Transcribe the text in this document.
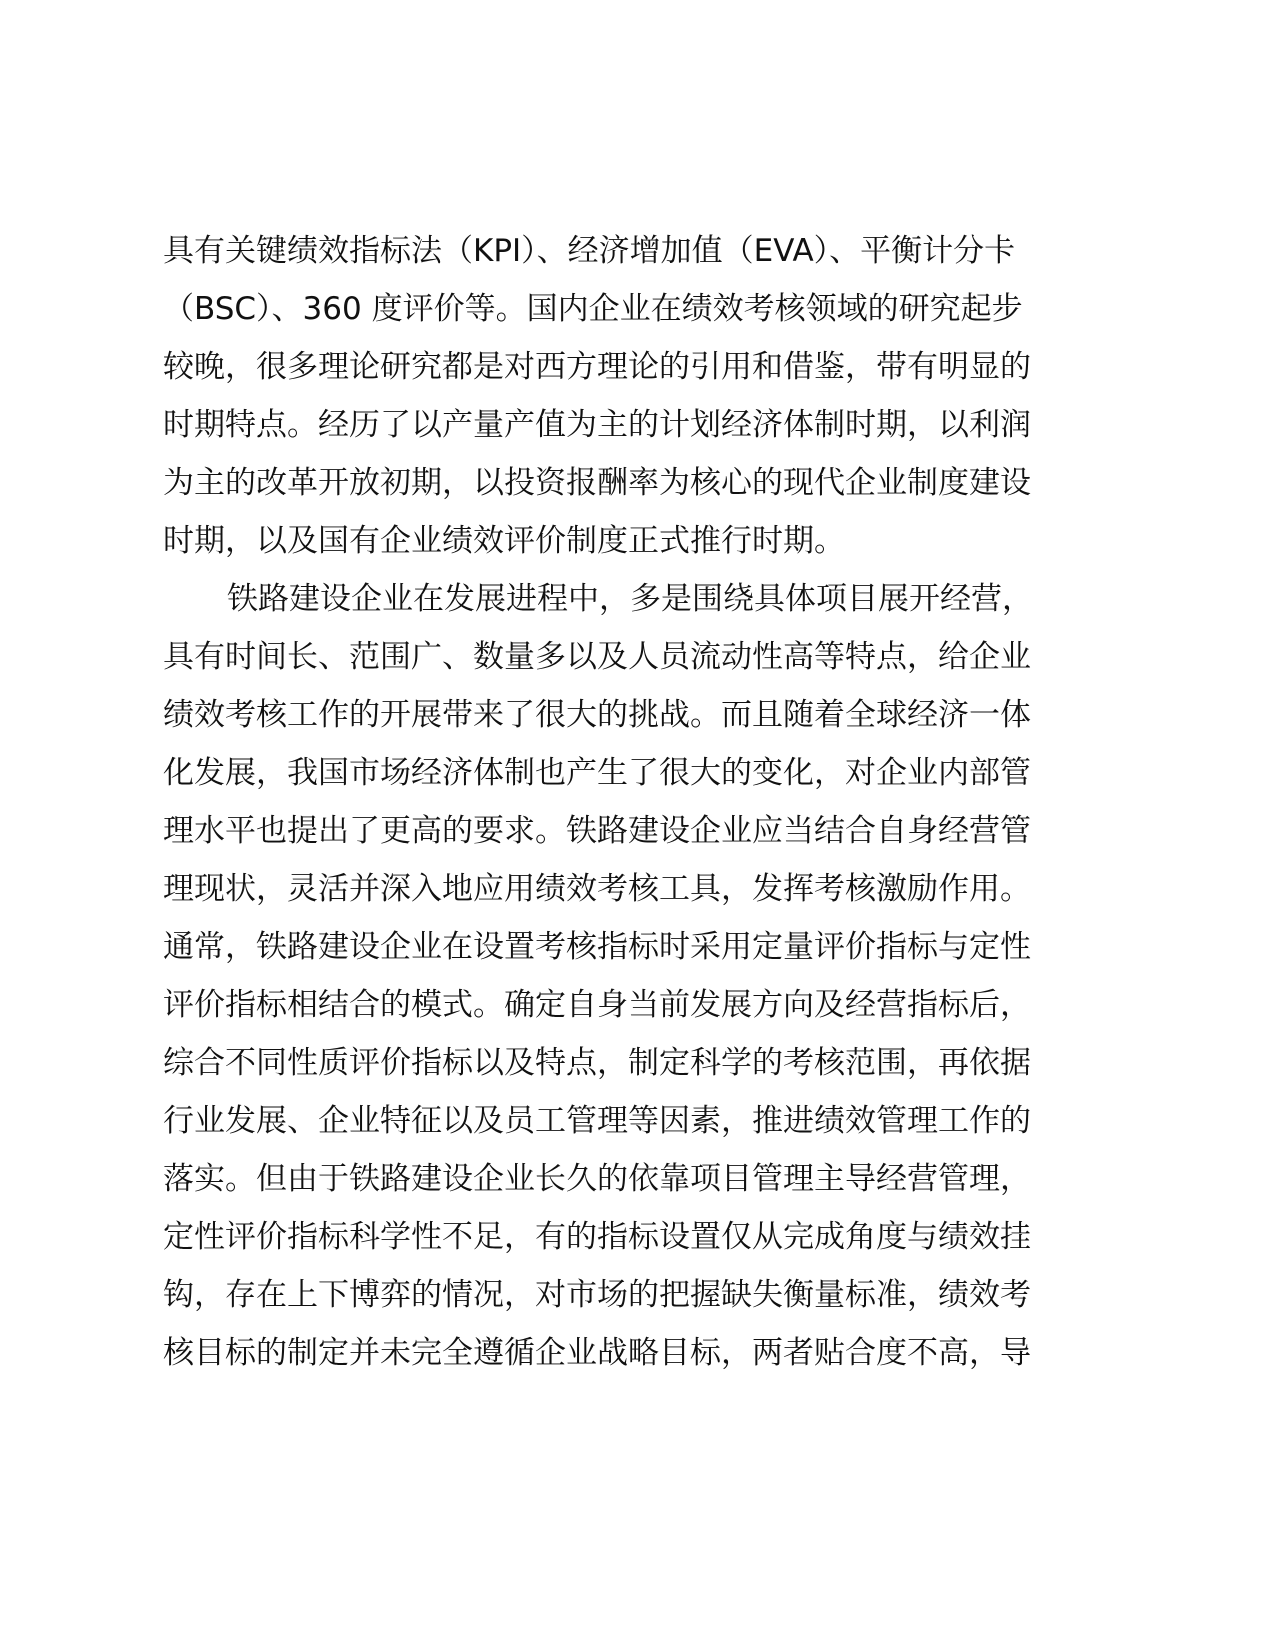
具有关键绩效指标法（KPI）、经济增加值（EVA）、平衡计分卡
（BSC）、360 度评价等。国内企业在绩效考核领域的研究起步
较晚，很多理论研究都是对西方理论的引用和借鉴，带有明显的
时期特点。经历了以产量产值为主的计划经济体制时期，以利润
为主的改革开放初期，以投资报酬率为核心的现代企业制度建设
时期，以及国有企业绩效评价制度正式推行时期。
铁路建设企业在发展进程中，多是围绕具体项目展开经营，
具有时间长、范围广、数量多以及人员流动性高等特点，给企业
绩效考核工作的开展带来了很大的挑战。而且随着全球经济一体
化发展，我国市场经济体制也产生了很大的变化，对企业内部管
理水平也提出了更高的要求。铁路建设企业应当结合自身经营管
理现状，灵活并深入地应用绩效考核工具，发挥考核激励作用。
通常，铁路建设企业在设置考核指标时采用定量评价指标与定性
评价指标相结合的模式。确定自身当前发展方向及经营指标后，
综合不同性质评价指标以及特点，制定科学的考核范围，再依据
行业发展、企业特征以及员工管理等因素，推进绩效管理工作的
落实。但由于铁路建设企业长久的依靠项目管理主导经营管理，
定性评价指标科学性不足，有的指标设置仅从完成角度与绩效挂
钩，存在上下博弈的情况，对市场的把握缺失衡量标准，绩效考
核目标的制定并未完全遵循企业战略目标，两者贴合度不高，导
